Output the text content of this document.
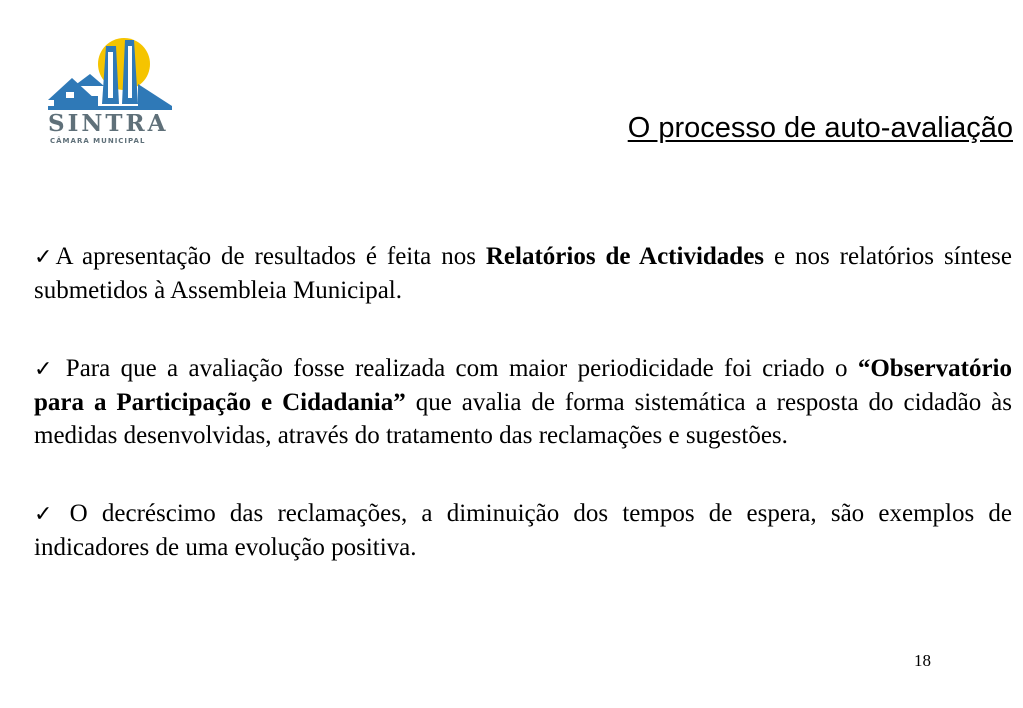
SINTRA
CÂMARA MUNICIPAL	O processo de auto-avaliação

✓ A apresentação de resultados é feita nos Relatórios de Actividades e nos relatórios síntese submetidos à Assembleia Municipal.

✓ Para que a avaliação fosse realizada com maior periodicidade foi criado o “Observatório para a Participação e Cidadania” que avalia de forma sistemática a resposta do cidadão às medidas desenvolvidas, através do tratamento das reclamações e sugestões.

✓ O decréscimo das reclamações, a diminuição dos tempos de espera, são exemplos de indicadores de uma evolução positiva.

18
